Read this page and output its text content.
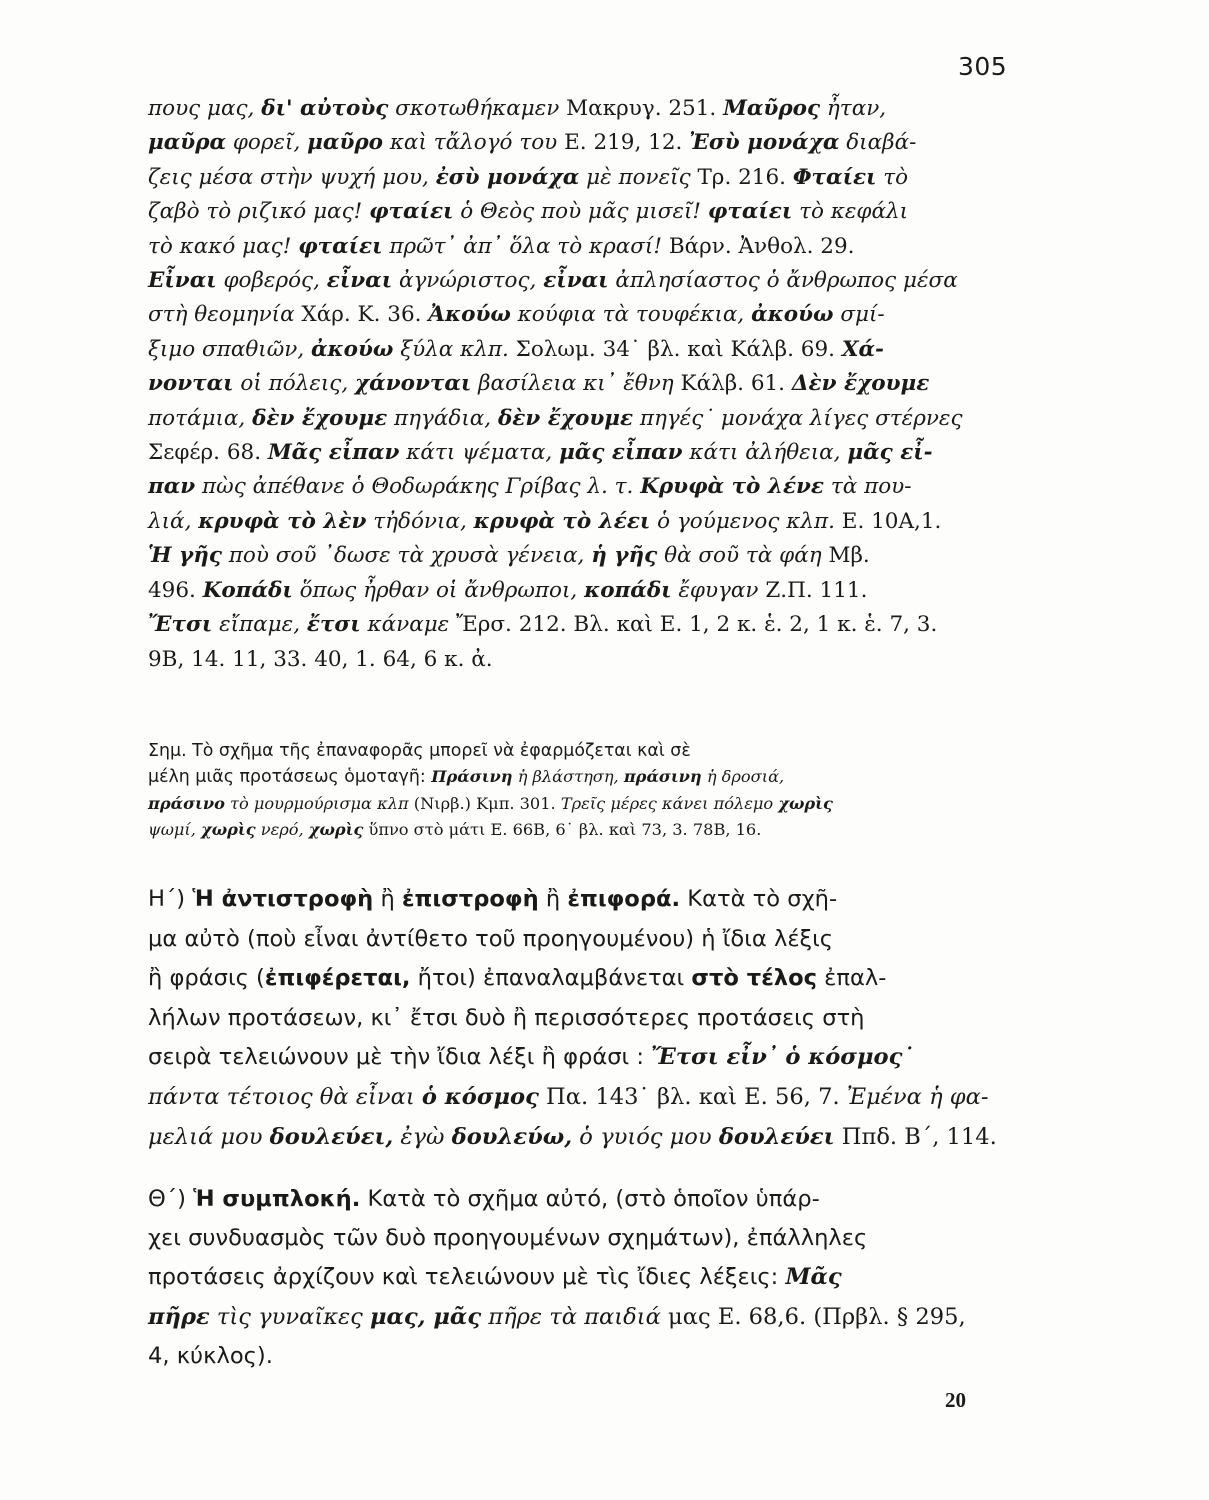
305
πους μας, δι' αὐτοὺς σκοτωθήκαμεν Μακρυγ. 251. Μαῦρος ἦταν,
μαῦρα φορεῖ, μαῦρο καὶ τἄλογό του Ε. 219, 12. Ἐσὺ μονάχα διαβά-
ζεις μέσα στὴν ψυχή μου, ἐσὺ μονάχα μὲ πονεῖς Τρ. 216. Φταίει τὸ
ζαβὸ τὸ ριζικό μας! φταίει ὁ Θεὸς ποὺ μᾶς μισεῖ! φταίει τὸ κεφάλι
τὸ κακό μας! φταίει πρῶτ᾽ ἀπ᾽ ὅλα τὸ κρασί! Βάρν. Ἀνθολ. 29.
Εἶναι φοβερός, εἶναι ἀγνώριστος, εἶναι ἀπλησίαστος ὁ ἄνθρωπος μέσα
στὴ θεομηνία Χάρ. Κ. 36. Ἀκούω κούφια τὰ τουφέκια, ἀκούω σμί-
ξιμο σπαθιῶν, ἀκούω ξύλα κλπ. Σολωμ. 34˙ βλ. καὶ Κάλβ. 69. Χά-
νονται οἱ πόλεις, χάνονται βασίλεια κι᾽ ἔθνη Κάλβ. 61. Δὲν ἔχουμε
ποτάμια, δὲν ἔχουμε πηγάδια, δὲν ἔχουμε πηγές˙ μονάχα λίγες στέρνες
Σεφέρ. 68. Μᾶς εἶπαν κάτι ψέματα, μᾶς εἶπαν κάτι ἀλήθεια, μᾶς εἶ-
παν πὼς ἀπέθανε ὁ Θοδωράκης Γρίβας λ. τ. Κρυφὰ τὸ λένε τὰ που-
λιά, κρυφὰ τὸ λὲν τἠδόνια, κρυφὰ τὸ λέει ὁ γούμενος κλπ. Ε. 10Α,1.
Ἡ γῆς ποὺ σοῦ ᾽δωσε τὰ χρυσὰ γένεια, ἡ γῆς θὰ σοῦ τὰ φάη Μβ.
496. Κοπάδι ὅπως ἦρθαν οἱ ἄνθρωποι, κοπάδι ἔφυγαν Ζ.Π. 111.
Ἔτσι εἴπαμε, ἔτσι κάναμε Ἔρσ. 212. Βλ. καὶ Ε. 1, 2 κ. ἑ. 2, 1 κ. ἑ. 7, 3.
9Β, 14. 11, 33. 40, 1. 64, 6 κ. ἀ.
Σημ. Τὸ σχῆμα τῆς ἐπαναφορᾶς μπορεῖ νὰ ἐφαρμόζεται καὶ σὲ
μέλη μιᾶς προτάσεως ὁμοταγῆ: Πράσινη ἡ βλάστηση, πράσινη ἡ δροσιά,
πράσινο τὸ μουρμούρισμα κλπ (Νιρβ.) Κμπ. 301. Τρεῖς μέρες κάνει πόλεμο χωρὶς
ψωμί, χωρὶς νερό, χωρὶς ὕπνο στὸ μάτι Ε. 66Β, 6˙ βλ. καὶ 73, 3. 78Β, 16.
Η΄) Ἡ ἀντιστροφὴ ἢ ἐπιστροφὴ ἢ ἐπιφορά. Κατὰ τὸ σχῆ-
μα αὐτὸ (ποὺ εἶναι ἀντίθετο τοῦ προηγουμένου) ἡ ἴδια λέξις
ἢ φράσις (ἐπιφέρεται, ἤτοι) ἐπαναλαμβάνεται στὸ τέλος ἐπαλ-
λήλων προτάσεων, κι᾽ ἔτσι δυὸ ἢ περισσότερες προτάσεις στὴ
σειρὰ τελειώνουν μὲ τὴν ἴδια λέξι ἢ φράσι : Ἔτσι εἶν᾽ ὁ κόσμος˙
πάντα τέτοιος θὰ εἶναι ὁ κόσμος Πα. 143˙ βλ. καὶ Ε. 56, 7. Ἐμένα ἡ φα-
μελιά μου δουλεύει, ἐγὼ δουλεύω, ὁ γυιός μου δουλεύει Ππδ. Β΄, 114.
Θ΄) Ἡ συμπλοκή. Κατὰ τὸ σχῆμα αὐτό, (στὸ ὁποῖον ὑπάρ-
χει συνδυασμὸς τῶν δυὸ προηγουμένων σχημάτων), ἐπάλληλες
προτάσεις ἀρχίζουν καὶ τελειώνουν μὲ τὶς ἴδιες λέξεις: Μᾶς
πῆρε τὶς γυναῖκες μας, μᾶς πῆρε τὰ παιδιά μας Ε. 68,6. (Πρβλ. § 295,
4, κύκλος).
20
